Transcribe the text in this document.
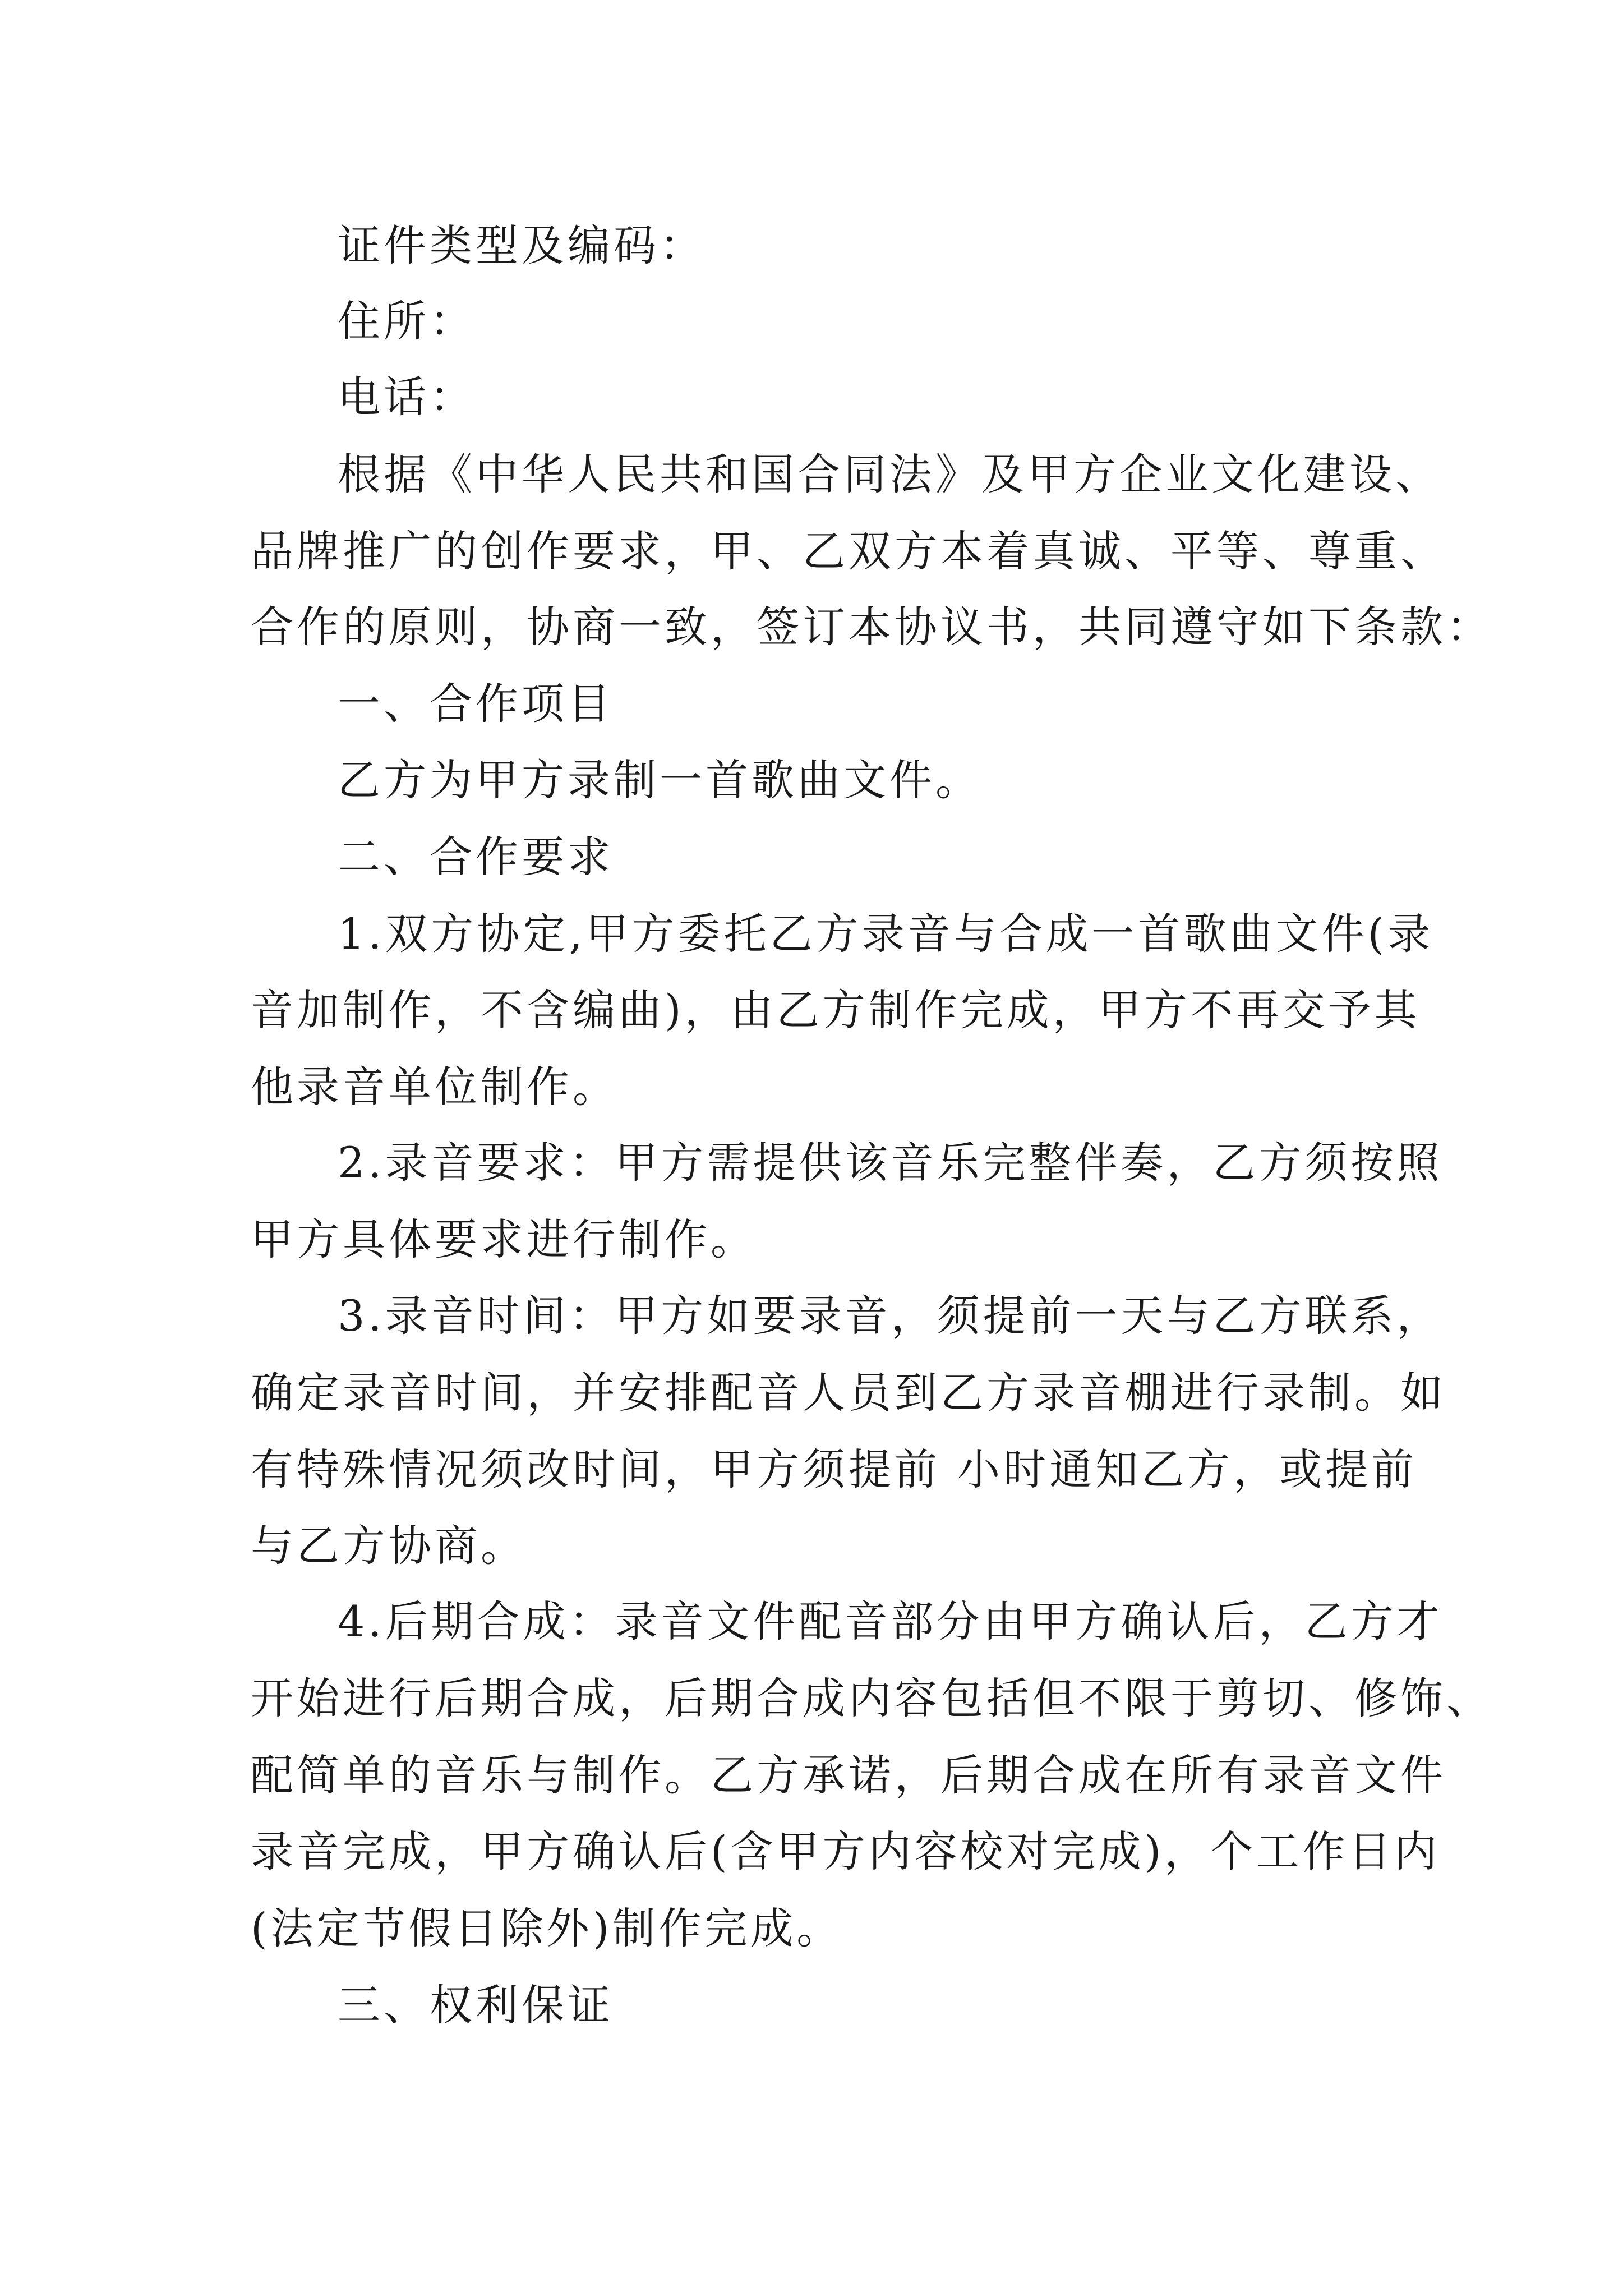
证件类型及编码：
住所：
电话：
根据《中华人民共和国合同法》及甲方企业文化建设、
品牌推广的创作要求，甲、乙双方本着真诚、平等、尊重、
合作的原则，协商一致，签订本协议书，共同遵守如下条款：
一、合作项目
乙方为甲方录制一首歌曲文件。
二、合作要求
1.双方协定,甲方委托乙方录音与合成一首歌曲文件(录
音加制作，不含编曲)，由乙方制作完成，甲方不再交予其
他录音单位制作。
2.录音要求：甲方需提供该音乐完整伴奏，乙方须按照
甲方具体要求进行制作。
3.录音时间：甲方如要录音，须提前一天与乙方联系，
确定录音时间，并安排配音人员到乙方录音棚进行录制。如
有特殊情况须改时间，甲方须提前 小时通知乙方，或提前
与乙方协商。
4.后期合成：录音文件配音部分由甲方确认后，乙方才
开始进行后期合成，后期合成内容包括但不限于剪切、修饰、
配简单的音乐与制作。乙方承诺，后期合成在所有录音文件
录音完成，甲方确认后(含甲方内容校对完成)，个工作日内
(法定节假日除外)制作完成。
三、权利保证
